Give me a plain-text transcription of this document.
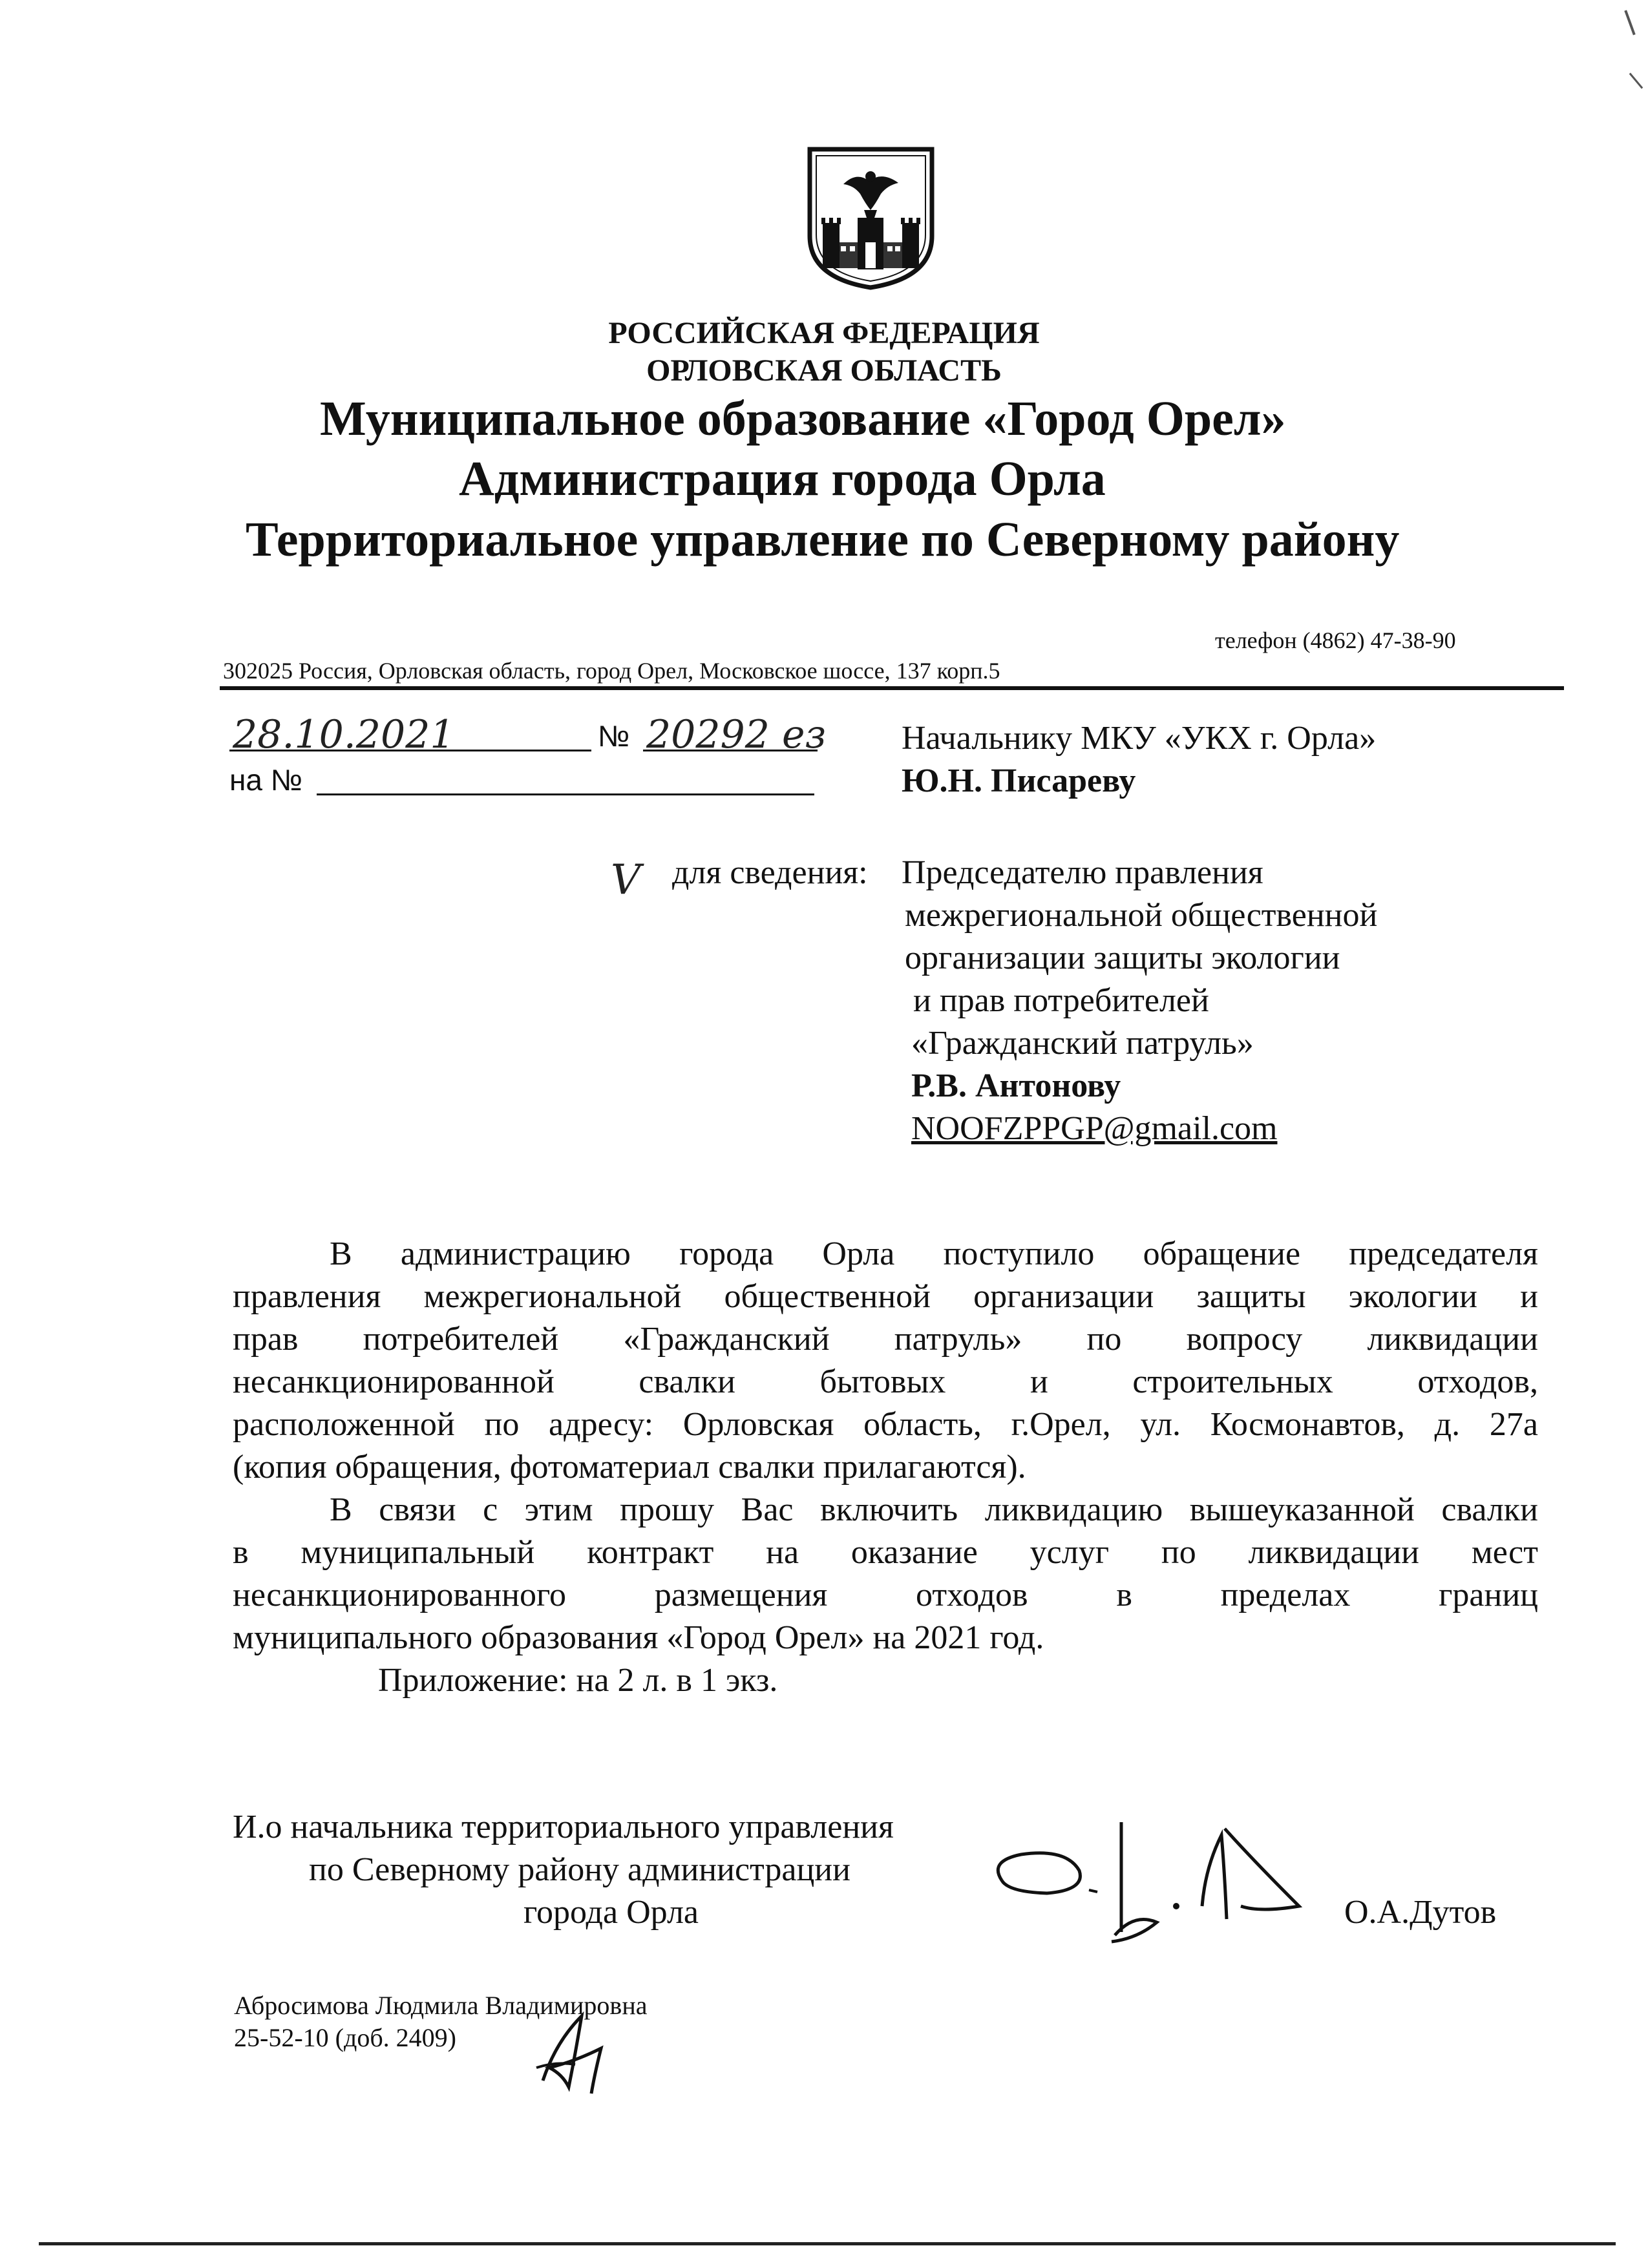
РОССИЙСКАЯ ФЕДЕРАЦИЯ
ОРЛОВСКАЯ ОБЛАСТЬ
Муниципальное образование «Город Орел»
Администрация города Орла
Территориальное управление по Северному району
телефон (4862) 47-38-90
302025 Россия, Орловская область, город Орел, Московское шоссе, 137 корп.5
28.10.2021	№ 20292 ез
на №
Начальнику МКУ «УКХ г. Орла»
Ю.Н. Писареву
V для сведения: Председателю правления
межрегиональной общественной
организации защиты экологии
и прав потребителей
«Гражданский патруль»
Р.В. Антонову
NOOFZPPGP@gmail.com
В администрацию города Орла поступило обращение председателя
правления межрегиональной общественной организации защиты экологии и
прав потребителей «Гражданский патруль» по вопросу ликвидации
несанкционированной	свалки	бытовых	и	строительных	отходов,
расположенной по адресу: Орловская область, г.Орел, ул. Космонавтов, д. 27а
(копия обращения, фотоматериал свалки прилагаются).
В связи с этим прошу Вас включить ликвидацию вышеуказанной свалки
в муниципальный контракт на оказание услуг по ликвидации мест
несанкционированного	размещения	отходов	в	пределах	границ
муниципального образования «Город Орел» на 2021 год.
Приложение: на 2 л. в 1 экз.
И.о начальника территориального управления
по Северному району администрации
города Орла	О.А.Дутов
Абросимова Людмила Владимировна
25-52-10 (доб. 2409)
